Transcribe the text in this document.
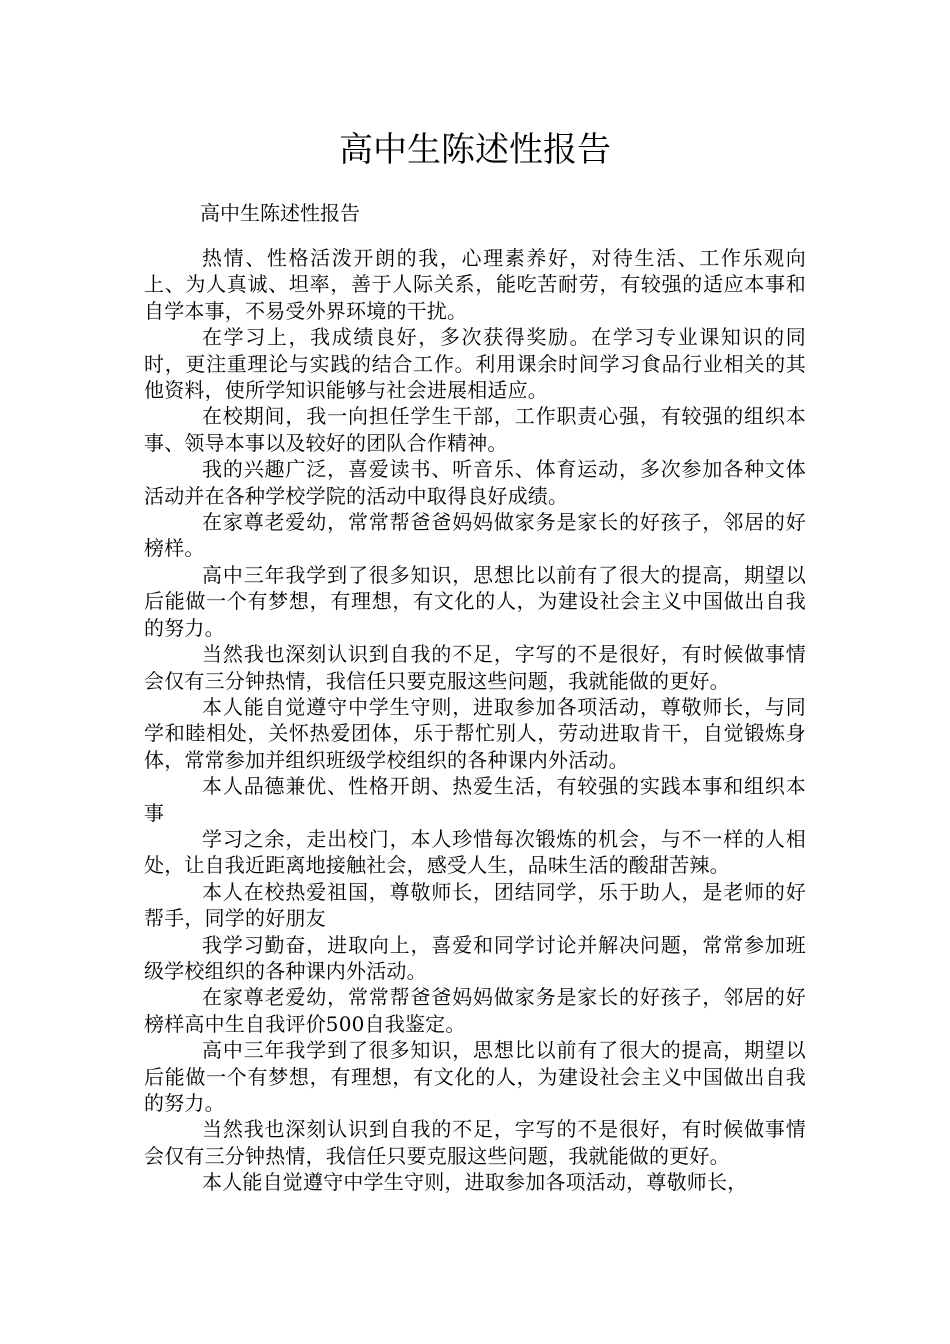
高中生陈述性报告

高中生陈述性报告

热情、性格活泼开朗的我，心理素养好，对待生活、工作乐观向上、为人真诚、坦率，善于人际关系，能吃苦耐劳，有较强的适应本事和自学本事，不易受外界环境的干扰。

在学习上，我成绩良好，多次获得奖励。在学习专业课知识的同时，更注重理论与实践的结合工作。利用课余时间学习食品行业相关的其他资料，使所学知识能够与社会进展相适应。

在校期间，我一向担任学生干部，工作职责心强，有较强的组织本事、领导本事以及较好的团队合作精神。

我的兴趣广泛，喜爱读书、听音乐、体育运动，多次参加各种文体活动并在各种学校学院的活动中取得良好成绩。

在家尊老爱幼，常常帮爸爸妈妈做家务是家长的好孩子，邻居的好榜样。

高中三年我学到了很多知识，思想比以前有了很大的提高，期望以后能做一个有梦想，有理想，有文化的人，为建设社会主义中国做出自我的努力。

当然我也深刻认识到自我的不足，字写的不是很好，有时候做事情会仅有三分钟热情，我信任只要克服这些问题，我就能做的更好。

本人能自觉遵守中学生守则，进取参加各项活动，尊敬师长，与同学和睦相处，关怀热爱团体，乐于帮忙别人，劳动进取肯干，自觉锻炼身体，常常参加并组织班级学校组织的各种课内外活动。

本人品德兼优、性格开朗、热爱生活，有较强的实践本事和组织本事

学习之余，走出校门，本人珍惜每次锻炼的机会，与不一样的人相处，让自我近距离地接触社会，感受人生，品味生活的酸甜苦辣。

本人在校热爱祖国，尊敬师长，团结同学，乐于助人，是老师的好帮手，同学的好朋友

我学习勤奋，进取向上，喜爱和同学讨论并解决问题，常常参加班级学校组织的各种课内外活动。

在家尊老爱幼，常常帮爸爸妈妈做家务是家长的好孩子，邻居的好榜样高中生自我评价500自我鉴定。

高中三年我学到了很多知识，思想比以前有了很大的提高，期望以后能做一个有梦想，有理想，有文化的人，为建设社会主义中国做出自我的努力。

当然我也深刻认识到自我的不足，字写的不是很好，有时候做事情会仅有三分钟热情，我信任只要克服这些问题，我就能做的更好。

本人能自觉遵守中学生守则，进取参加各项活动，尊敬师长，
